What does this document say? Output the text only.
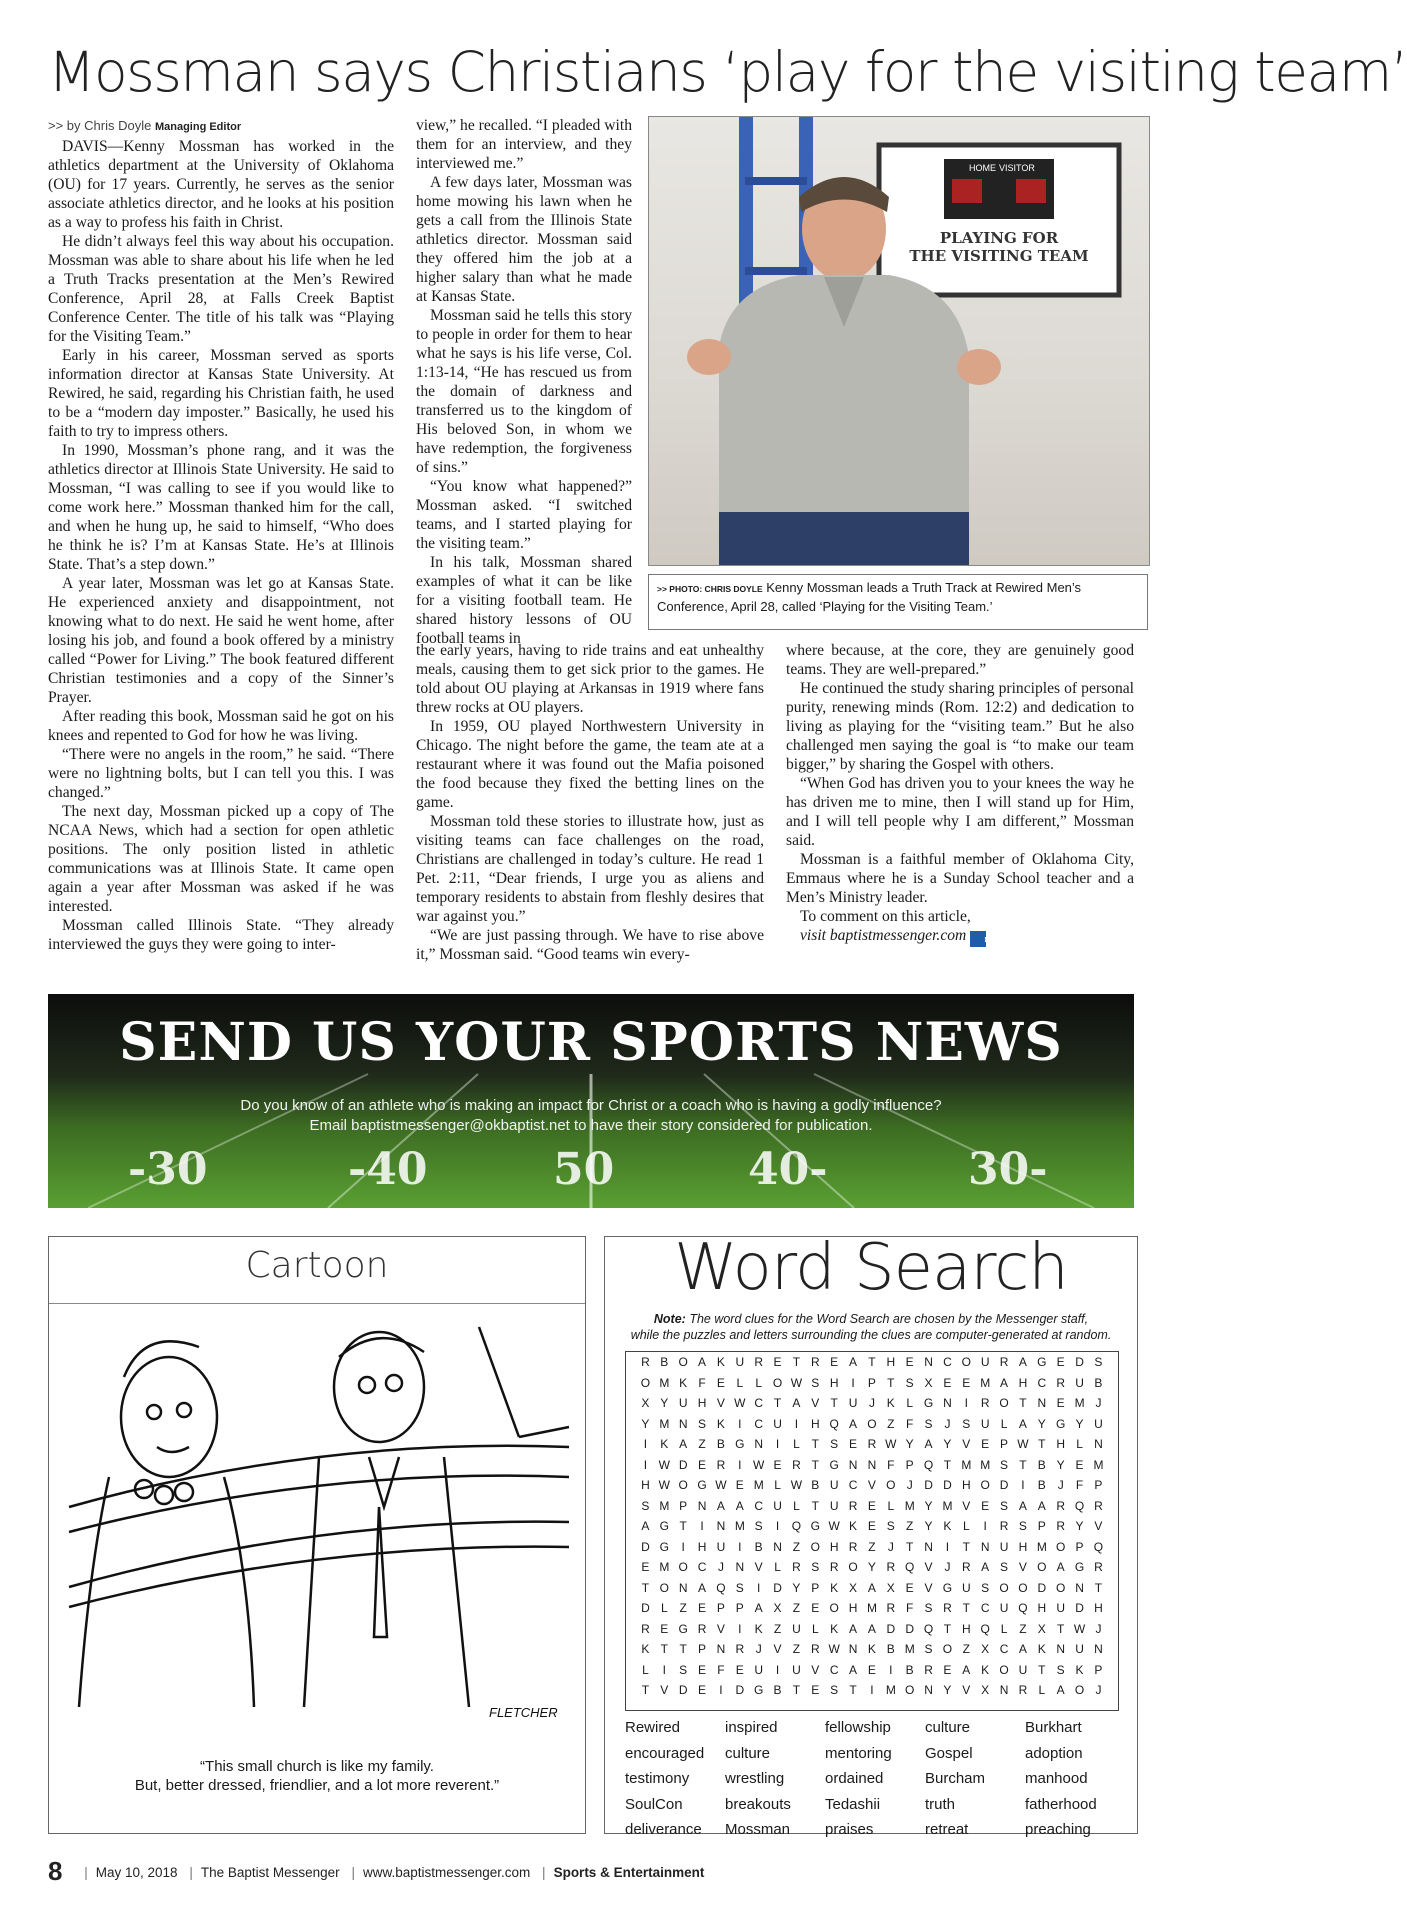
Mossman says Christians ‘play for the visiting team’

>> by Chris Doyle Managing Editor

DAVIS—Kenny Mossman has worked in the athletics department at the University of Oklahoma (OU) for 17 years. Currently, he serves as the senior associate athletics director, and he looks at his position as a way to profess his faith in Christ.

He didn’t always feel this way about his occupation. Mossman was able to share about his life when he led a Truth Tracks presentation at the Men’s Rewired Conference, April 28, at Falls Creek Baptist Conference Center. The title of his talk was “Playing for the Visiting Team.”

Early in his career, Mossman served as sports information director at Kansas State University. At Rewired, he said, regarding his Christian faith, he used to be a “modern day imposter.” Basically, he used his faith to try to impress others.

In 1990, Mossman’s phone rang, and it was the athletics director at Illinois State University. He said to Mossman, “I was calling to see if you would like to come work here.” Mossman thanked him for the call, and when he hung up, he said to himself, “Who does he think he is? I’m at Kansas State. He’s at Illinois State. That’s a step down.”

A year later, Mossman was let go at Kansas State. He experienced anxiety and disappointment, not knowing what to do next. He said he went home, after losing his job, and found a book offered by a ministry called “Power for Living.” The book featured different Christian testimonies and a copy of the Sinner’s Prayer.

After reading this book, Mossman said he got on his knees and repented to God for how he was living.

“There were no angels in the room,” he said. “There were no lightning bolts, but I can tell you this. I was changed.”

The next day, Mossman picked up a copy of The NCAA News, which had a section for open athletic positions. The only position listed in athletic communications was at Illinois State. It came open again a year after Mossman was asked if he was interested.

Mossman called Illinois State. “They already interviewed the guys they were going to inter-

view,” he recalled. “I pleaded with them for an interview, and they interviewed me.”

A few days later, Mossman was home mowing his lawn when he gets a call from the Illinois State athletics director. Mossman said they offered him the job at a higher salary than what he made at Kansas State.

Mossman said he tells this story to people in order for them to hear what he says is his life verse, Col. 1:13-14, “He has rescued us from the domain of darkness and transferred us to the kingdom of His beloved Son, in whom we have redemption, the forgiveness of sins.”

“You know what happened?” Mossman asked. “I switched teams, and I started playing for the visiting team.”

In his talk, Mossman shared examples of what it can be like for a visiting football team. He shared history lessons of OU football teams in

the early years, having to ride trains and eat unhealthy meals, causing them to get sick prior to the games. He told about OU playing at Arkansas in 1919 where fans threw rocks at OU players.

In 1959, OU played Northwestern University in Chicago. The night before the game, the team ate at a restaurant where it was found out the Mafia poisoned the food because they fixed the betting lines on the game.

Mossman told these stories to illustrate how, just as visiting teams can face challenges on the road, Christians are challenged in today’s culture. He read 1 Pet. 2:11, “Dear friends, I urge you as aliens and temporary residents to abstain from fleshly desires that war against you.”

“We are just passing through. We have to rise above it,” Mossman said. “Good teams win every-

where because, at the core, they are genuinely good teams. They are well-prepared.”

He continued the study sharing principles of personal purity, renewing minds (Rom. 12:2) and dedication to living as playing for the “visiting team.” But he also challenged men saying the goal is “to make our team bigger,” by sharing the Gospel with others.

“When God has driven you to your knees the way he has driven me to mine, then I will stand up for Him, and I will tell people why I am different,” Mossman said.

Mossman is a faithful member of Oklahoma City, Emmaus where he is a Sunday School teacher and a Men’s Ministry leader.

To comment on this article,

visit baptistmessenger.com m

HOME VISITOR
PLAYING FOR
THE VISITING TEAM
>> PHOTO: CHRIS DOYLE Kenny Mossman leads a Truth Track at Rewired Men’s Conference, April 28, called ‘Playing for the Visiting Team.’
SEND US YOUR SPORTS NEWS
Do you know of an athlete who is making an impact for Christ or a coach who is having a godly influence?
Email baptistmessenger@okbaptist.net to have their story considered for publication.
-30	-40	50	40-	30-
Cartoon
FLETCHER
“This small church is like my family.
But, better dressed, friendlier, and a lot more reverent.”
Word Search
Note: The word clues for the Word Search are chosen by the Messenger staff,
while the puzzles and letters surrounding the clues are computer-generated at random.
R B O A K U R E T R E A T H E N C O U R A G E D S
O M K F E L	L O W S H	I	P T S X E E M A H C R U B
X Y U H V W C T A V T U J K L G N	I	R O T N E M J
Y M N S K	I	C U	I	H Q A O Z F S J S U L A Y G Y U
I	K A Z B G N	I	L T S E R W Y A Y V E P W T H L N
I W D E R	I W E R T G N N F P Q T M M S T B Y E M
H W O G W E M L W B U C V O J D D H O D	I	B J	F P
S M P N A A C U L T U R E L M Y M V E S A A R Q R
A G T	I	N M S	I	Q G W K E S Z Y K L	I	R S P R Y V
D G	I	H U	I	B N Z O H R Z	J	T N	I	T N U H M O P Q
E M O C J N V L R S R O Y R Q V J R A S V O A G R
T O N A Q S	I	D Y P K X A X E V G U S O O D O N T
D L Z E P P A X Z E O H M R F S R T C U Q H U D H
R E G R V	I	K Z U L K A A D D Q T H Q L Z X T W J
K T T P N R J V Z R W N K B M S O Z X C A K N U N
L	I	S E F E U	I	U V C A E	I	B R E A K O U T S K P
T V D E	I	D G B T E S T	I	M O N Y V X N R L A O J
Rewired	inspired	fellowship	culture	Burkhart
encouraged	culture	mentoring	Gospel	adoption
testimony	wrestling	ordained	Burcham	manhood
SoulCon	breakouts	Tedashii	truth	fatherhood
deliverance	Mossman	praises	retreat	preaching
8 | May 10, 2018 | The Baptist Messenger | www.baptistmessenger.com | Sports & Entertainment
